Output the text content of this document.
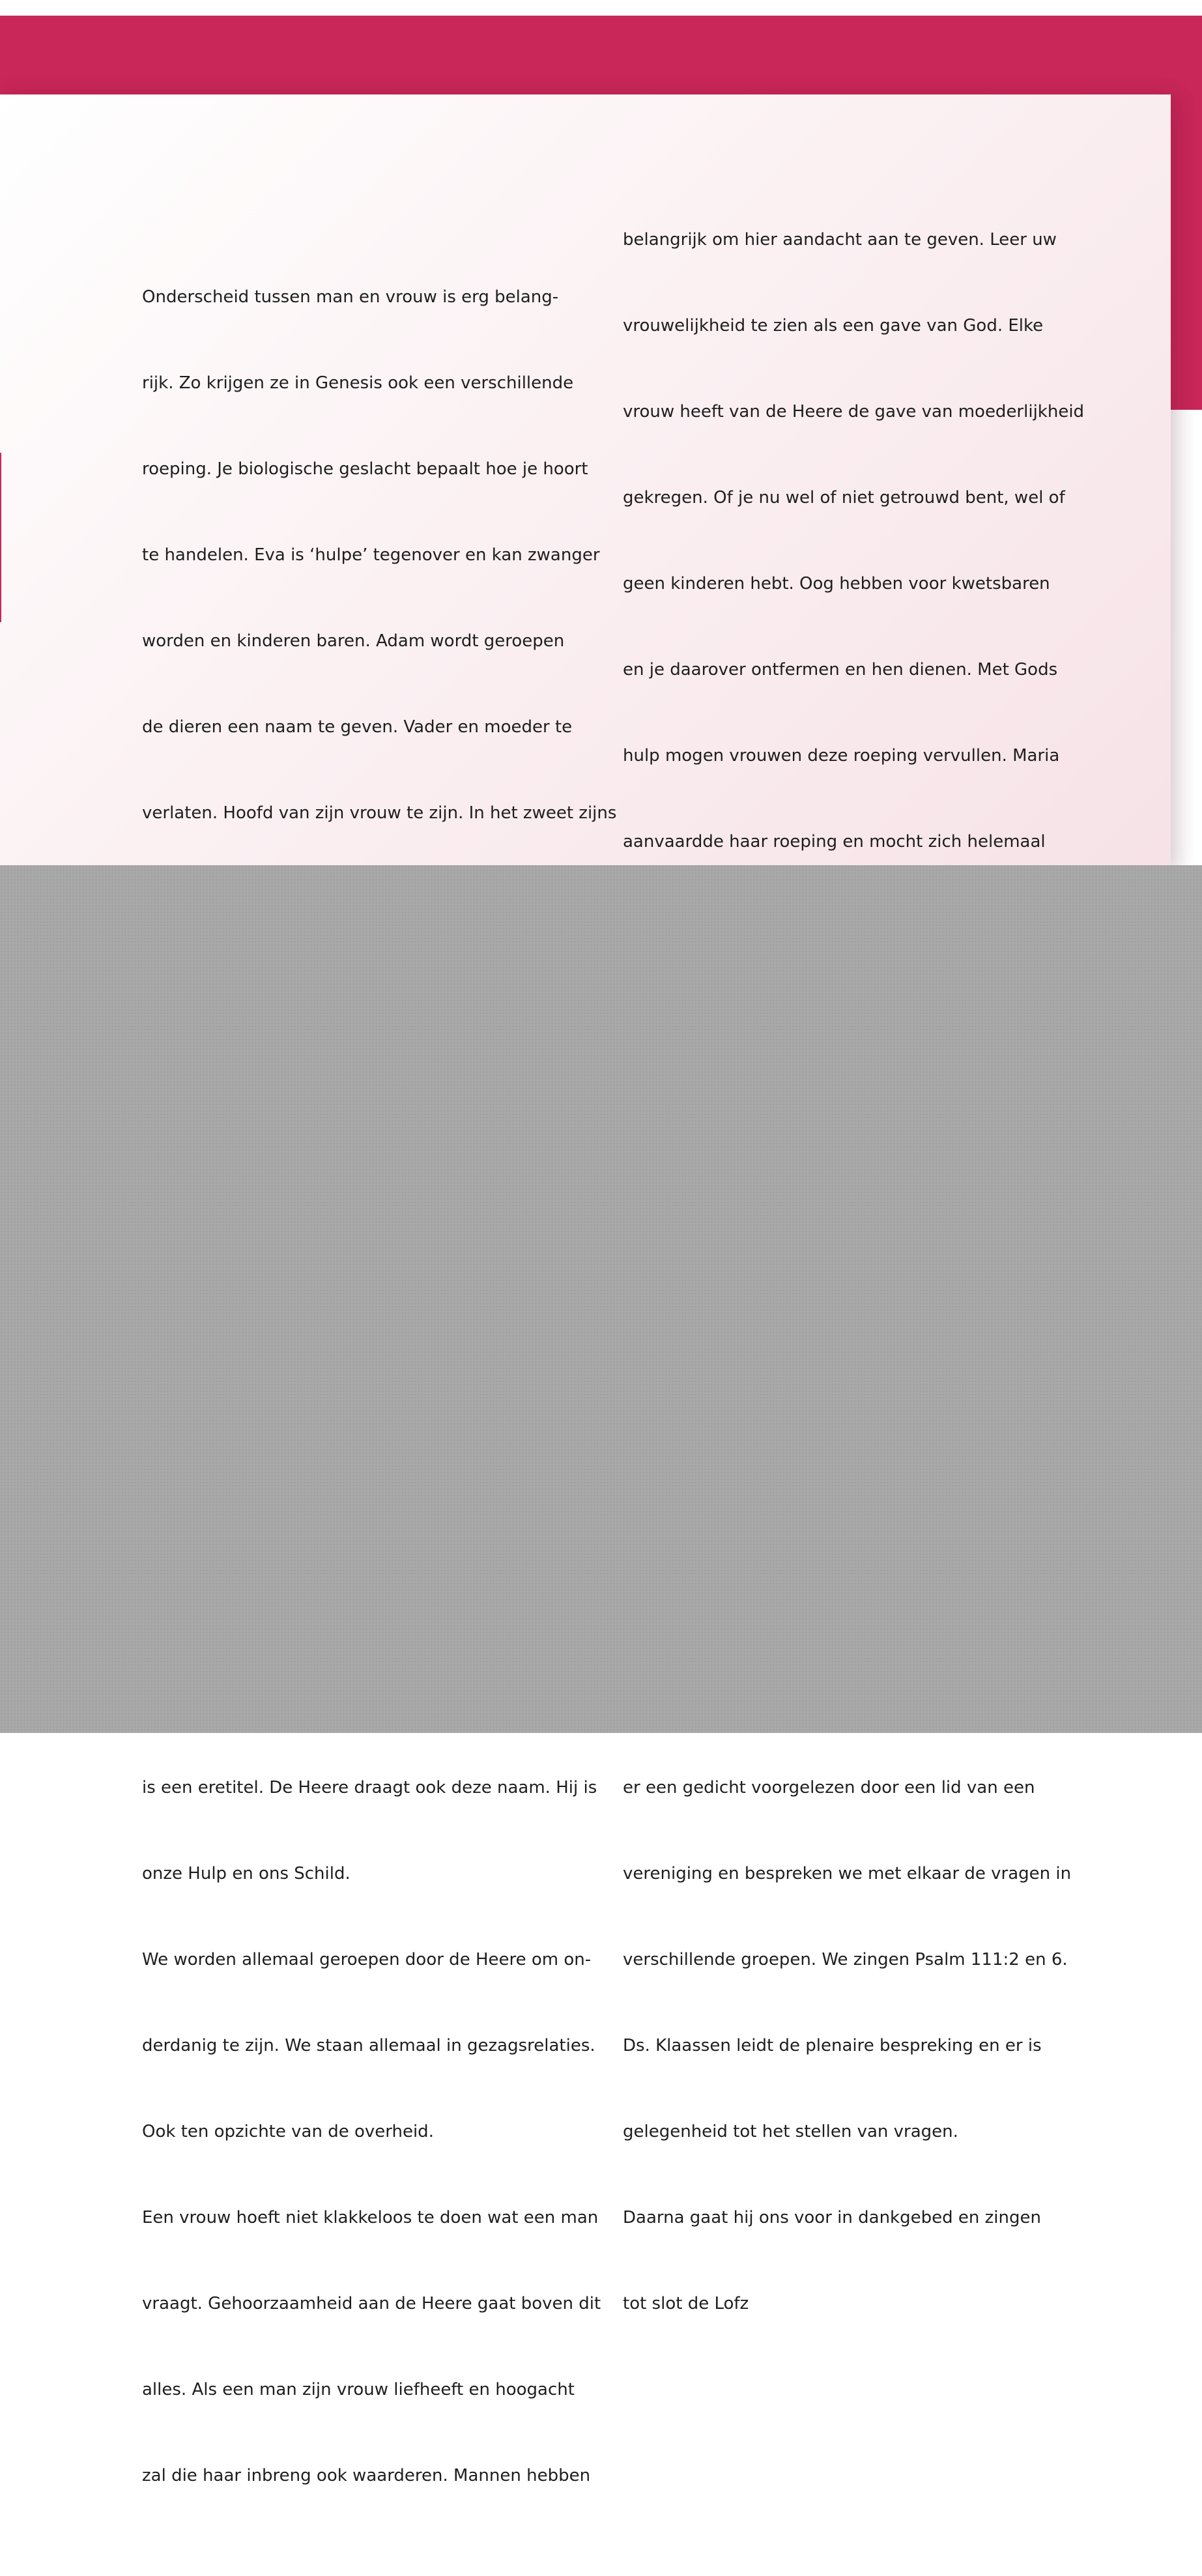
Onderscheid tussen man en vrouw is erg belang-

rijk. Zo krijgen ze in Genesis ook een verschillende

roeping. Je biologische geslacht bepaalt hoe je hoort

te handelen. Eva is ‘hulpe’ tegenover en kan zwanger

worden en kinderen baren. Adam wordt geroepen

de dieren een naam te geven. Vader en moeder te

verlaten. Hoofd van zijn vrouw te zijn. In het zweet zijns

is een eretitel. De Heere draagt ook deze naam. Hij is

onze Hulp en ons Schild.

We worden allemaal geroepen door de Heere om on-

derdanig te zijn. We staan allemaal in gezagsrelaties.

Ook ten opzichte van de overheid.

Een vrouw hoeft niet klakkeloos te doen wat een man

vraagt. Gehoorzaamheid aan de Heere gaat boven dit

alles. Als een man zijn vrouw liefheeft en hoogacht

zal die haar inbreng ook waarderen. Mannen hebben

belangrijk om hier aandacht aan te geven. Leer uw

vrouwelijkheid te zien als een gave van God. Elke

vrouw heeft van de Heere de gave van moederlijkheid

gekregen. Of je nu wel of niet getrouwd bent, wel of

geen kinderen hebt. Oog hebben voor kwetsbaren

en je daarover ontfermen en hen dienen. Met Gods

hulp mogen vrouwen deze roeping vervullen. Maria

aanvaardde haar roeping en mocht zich helemaal

er een gedicht voorgelezen door een lid van een

vereniging en bespreken we met elkaar de vragen in

verschillende groepen. We zingen Psalm 111:2 en 6.

Ds. Klaassen leidt de plenaire bespreking en er is

gelegenheid tot het stellen van vragen.

Daarna gaat hij ons voor in dankgebed en zingen

tot slot de Lofz
